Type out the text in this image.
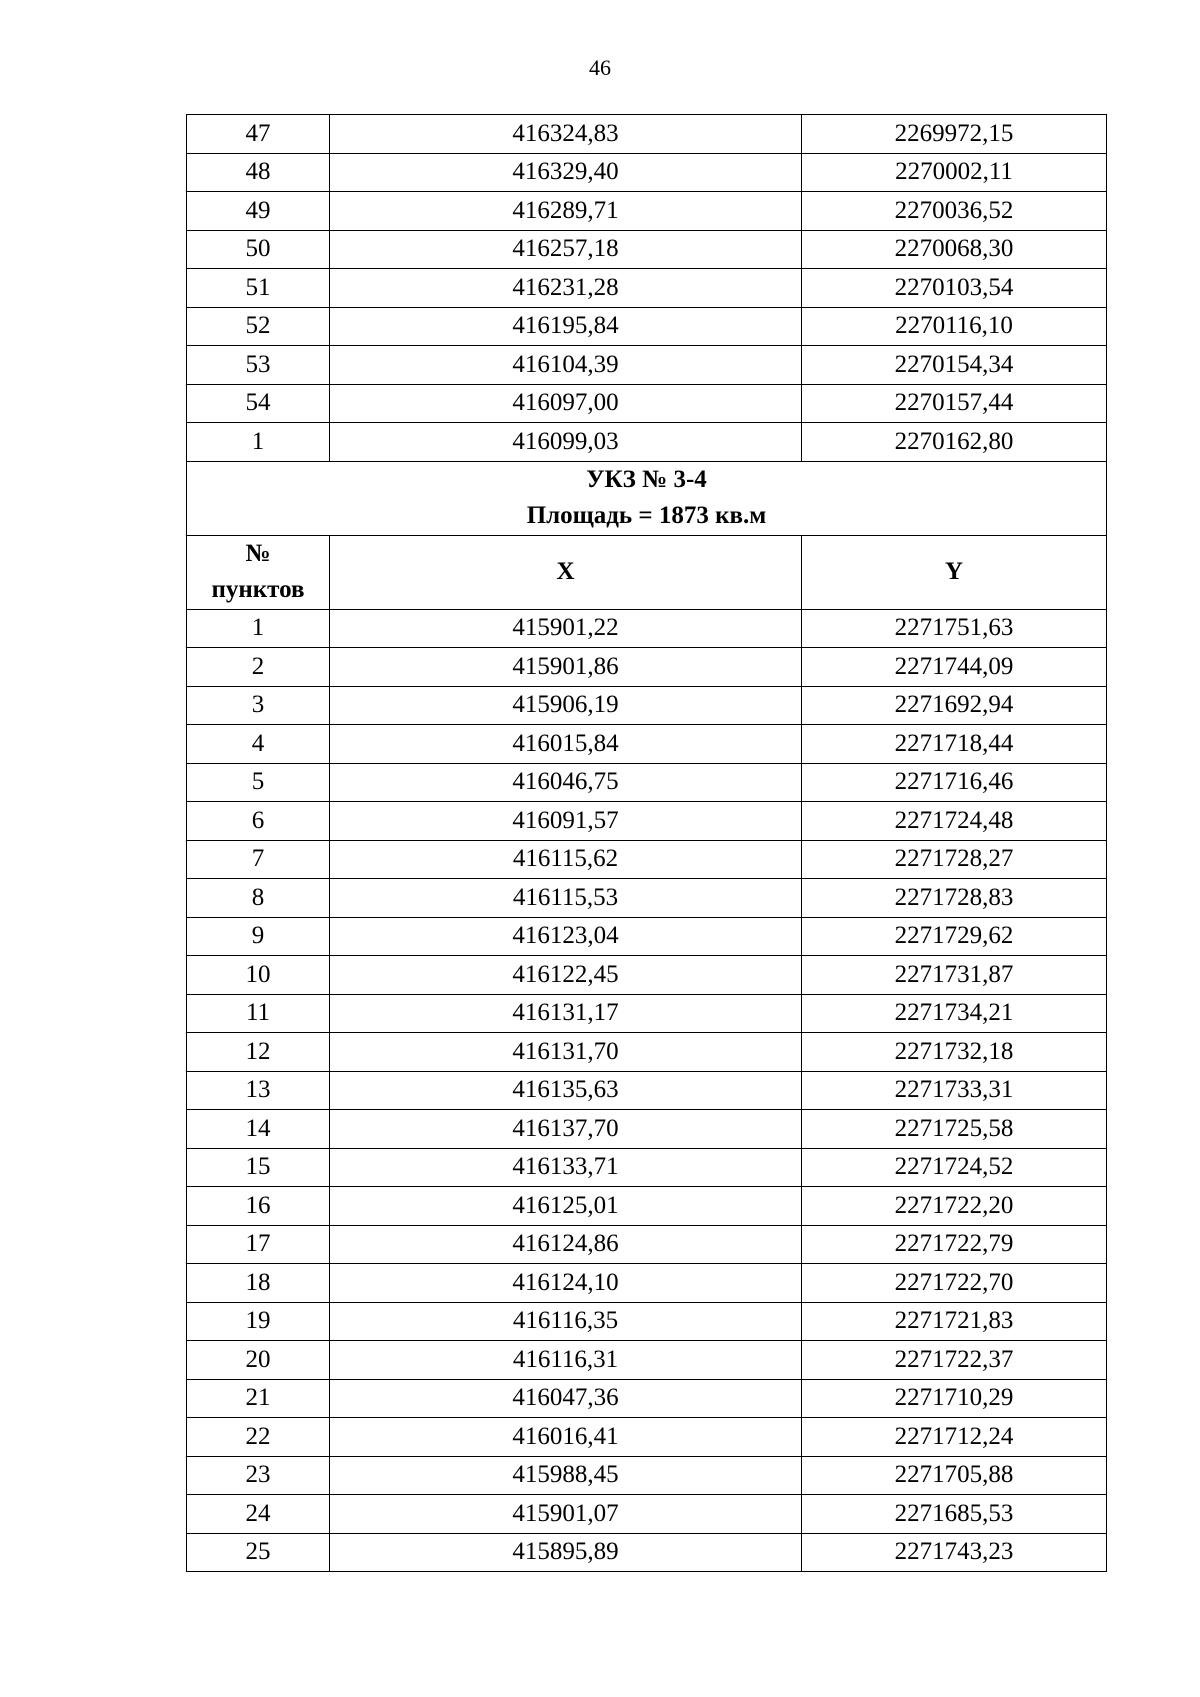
46
47	416324,83	2269972,15
48	416329,40	2270002,11
49	416289,71	2270036,52
50	416257,18	2270068,30
51	416231,28	2270103,54
52	416195,84	2270116,10
53	416104,39	2270154,34
54	416097,00	2270157,44
1	416099,03	2270162,80

УКЗ № 3-4
Площадь = 1873 кв.м		

№
пунктов	X	Y
1	415901,22	2271751,63
2	415901,86	2271744,09
3	415906,19	2271692,94
4	416015,84	2271718,44
5	416046,75	2271716,46
6	416091,57	2271724,48
7	416115,62	2271728,27
8	416115,53	2271728,83
9	416123,04	2271729,62
10	416122,45	2271731,87
11	416131,17	2271734,21
12	416131,70	2271732,18
13	416135,63	2271733,31
14	416137,70	2271725,58
15	416133,71	2271724,52
16	416125,01	2271722,20
17	416124,86	2271722,79
18	416124,10	2271722,70
19	416116,35	2271721,83
20	416116,31	2271722,37
21	416047,36	2271710,29
22	416016,41	2271712,24
23	415988,45	2271705,88
24	415901,07	2271685,53
25	415895,89	2271743,23
